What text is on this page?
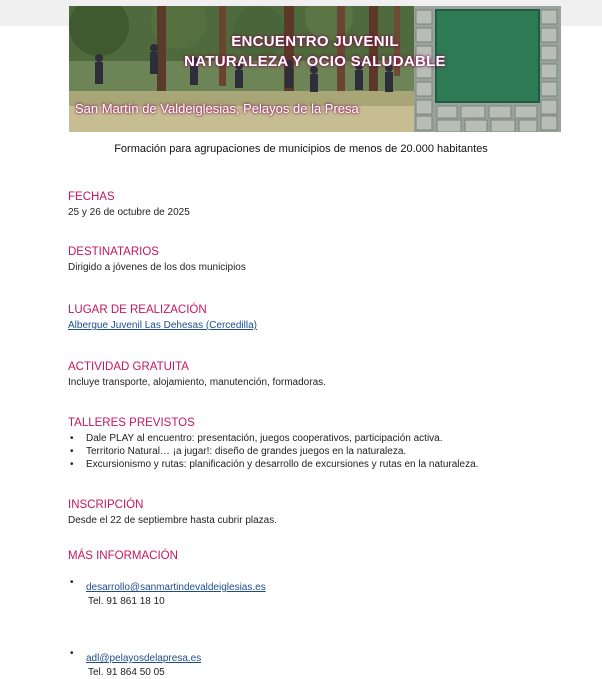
ENCUENTRO JUVENIL
NATURALEZA Y OCIO SALUDABLE
San Martín de Valdeiglesias, Pelayos de la Presa
Formación para agrupaciones de municipios de menos de 20.000 habitantes

FECHAS

25 y 26 de octubre de 2025

DESTINATARIOS

Dirigido a jóvenes de los dos municipios

LUGAR DE REALIZACIÓN

Albergue Juvenil Las Dehesas (Cercedilla)

ACTIVIDAD GRATUITA

Incluye transporte, alojamiento, manutención, formadoras.

TALLERES PREVISTOS

• Dale PLAY al encuentro: presentación, juegos cooperativos, participación activa.
• Territorio Natural… ¡a jugar!: diseño de grandes juegos en la naturaleza.
• Excursionismo y rutas: planificación y desarrollo de excursiones y rutas en la naturaleza.

INSCRIPCIÓN

Desde el 22 de septiembre hasta cubrir plazas.

MÁS INFORMACIÓN

• desarrollo@sanmartindevaldeiglesias.es
Tel. 91 861 18 10
• adl@pelayosdelapresa.es
Tel. 91 864 50 05
